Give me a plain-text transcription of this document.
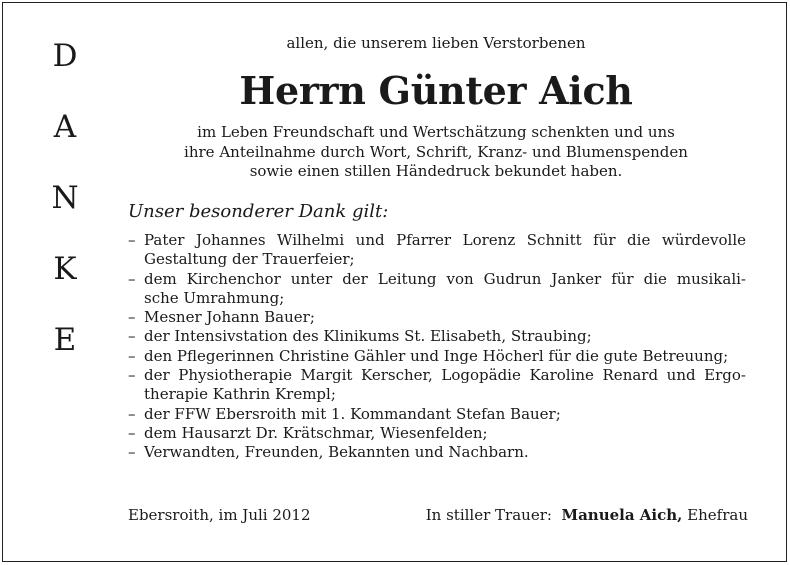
D
A
N
K
E
allen, die unserem lieben Verstorbenen
Herrn Günter Aich
im Leben Freundschaft und Wertschätzung schenkten und uns
ihre Anteilnahme durch Wort, Schrift, Kranz- und Blumenspenden
sowie einen stillen Händedruck bekundet haben.
Unser besonderer Dank gilt:
– Pater Johannes Wilhelmi und Pfarrer Lorenz Schnitt für die würdevolle
Gestaltung der Trauerfeier;
– dem Kirchenchor unter der Leitung von Gudrun Janker für die musikali-
sche Umrahmung;
– Mesner Johann Bauer;
– der Intensivstation des Klinikums St. Elisabeth, Straubing;
– den Pflegerinnen Christine Gähler und Inge Höcherl für die gute Betreuung;
– der Physiotherapie Margit Kerscher, Logopädie Karoline Renard und Ergo-
therapie Kathrin Krempl;
– der FFW Ebersroith mit 1. Kommandant Stefan Bauer;
– dem Hausarzt Dr. Krätschmar, Wiesenfelden;
– Verwandten, Freunden, Bekannten und Nachbarn.
Ebersroith, im Juli 2012	In stiller Trauer: Manuela Aich, Ehefrau
